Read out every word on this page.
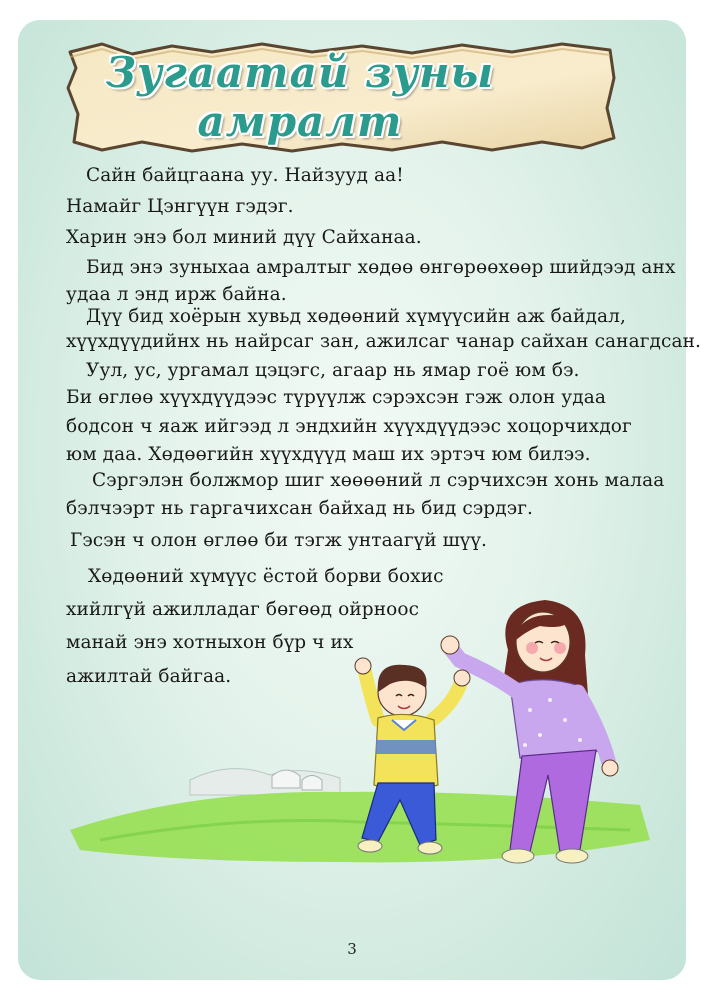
Зугаатай зуны амралт
Сайн байцгаана уу. Найзууд аа!
Намайг Цэнгүүн гэдэг.
Харин энэ бол миний дүү Сайханаа.
Бид энэ зуныхаа амралтыг хөдөө өнгөрөөхөөр шийдээд анх
удаа л энд ирж байна.
Дүү бид хоёрын хувьд хөдөөний хүмүүсийн аж байдал,
хүүхдүүдийнх нь найрсаг зан, ажилсаг чанар сайхан санагдсан.
Уул, ус, ургамал цэцэгс, агаар нь ямар гоё юм бэ.
Би өглөө хүүхдүүдээс түрүүлж сэрэхсэн гэж олон удаа
бодсон ч яаж ийгээд л эндхийн хүүхдүүдээс хоцорчихдог
юм даа. Хөдөөгийн хүүхдүүд маш их эртэч юм билээ.
Сэргэлэн болжмор шиг хөөөөний л сэрчихсэн хонь малаа
бэлчээрт нь гаргачихсан байхад нь бид сэрдэг.
Гэсэн ч олон өглөө би тэгж унтаагүй шүү.
Хөдөөний хүмүүс ёстой борви бохис
хийлгүй ажилладаг бөгөөд ойрноос
манай энэ хотныхон бүр ч их
ажилтай байгаа.
3
